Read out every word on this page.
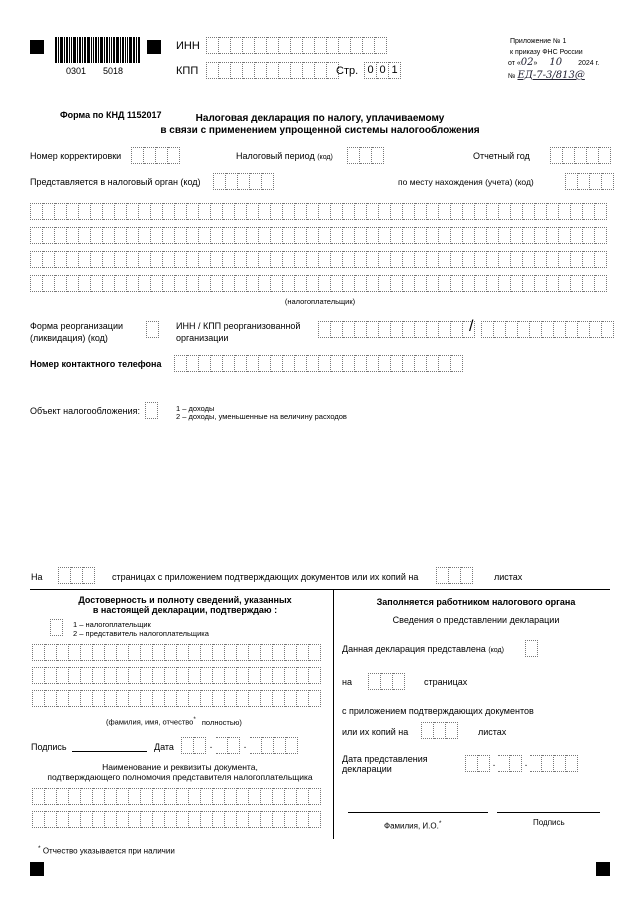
0301 5018
ИНН
КПП	Стр. 0 0 1
Приложение № 1
к приказу ФНС России
от «02» 10 2024 г.
№ ЕД-7-3/813@
Форма по КНД 1152017	Налоговая декларация по налогу, уплачиваемому
в связи с применением упрощенной системы налогообложения
Номер корректировки	Налоговый период (код)	Отчетный год
Представляется в налоговый орган (код)	по месту нахождения (учета) (код)
(налогоплательщик)
Форма реорганизации
(ликвидация) (код)
ИНН / КПП реорганизованной
организации
/
Номер контактного телефона
Объект налогообложения:	1 – доходы
2 – доходы, уменьшенные на величину расходов
На	страницах с приложением подтверждающих документов или их копий на	листах
Достоверность и полноту сведений, указанных
в настоящей декларации, подтверждаю :
1 – налогоплательщик
2 – представитель налогоплательщика
(фамилия, имя, отчество* полностью)
Подпись	Дата	.	.
Наименование и реквизиты документа,
подтверждающего полномочия представителя налогоплательщика
Заполняется работником налогового органа
Сведения о представлении декларации
Данная декларация представлена (код)
на	страницах
с приложением подтверждающих документов
или их копий на	листах
Дата представления
декларации	.	.
Фамилия, И.О.*	Подпись
* Отчество указывается при наличии
